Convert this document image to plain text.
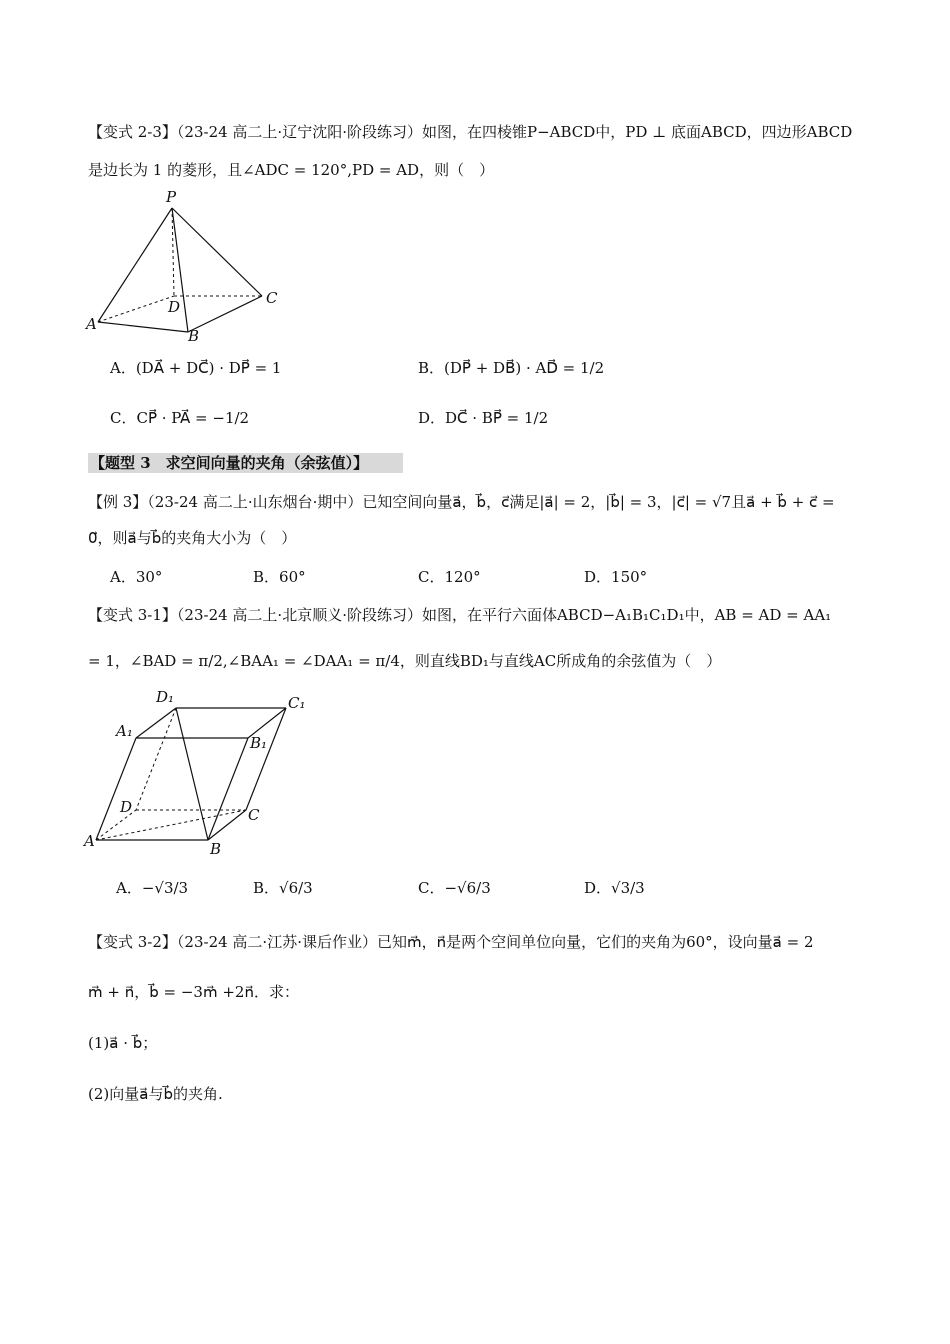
【变式 2-3】（23-24 高二上·辽宁沈阳·阶段练习）如图，在四棱锥P−ABCD中，PD ⊥ 底面ABCD，四边形ABCD
是边长为 1 的菱形，且∠ADC = 120°,PD = AD，则（　）
P
D	C
A
B
A．(DA⃗ + DC⃗) · DP⃗ = 1	B．(DP⃗ + DB⃗) · AD⃗ = 1/2
C．CP⃗ · PA⃗ = −1/2	D．DC⃗ · BP⃗ = 1/2
【题型 3　求空间向量的夹角（余弦值）】
【例 3】（23-24 高二上·山东烟台·期中）已知空间向量a⃗，b⃗，c⃗满足|a⃗| = 2，|b⃗| = 3，|c⃗| = √7且a⃗ + b⃗ + c⃗ =
0⃗，则a⃗与b⃗的夹角大小为（　）
A．30°	B．60°	C．120°	D．150°
【变式 3-1】（23-24 高二上·北京顺义·阶段练习）如图，在平行六面体ABCD−A₁B₁C₁D₁中，AB = AD = AA₁
= 1，∠BAD = π/2,∠BAA₁ = ∠DAA₁ = π/4，则直线BD₁与直线AC所成角的余弦值为（　）
D₁	C₁
A₁
B₁
D	C
A	B
A．−√3/3	B．√6/3	C．−√6/3	D．√3/3
【变式 3-2】（23-24 高二·江苏·课后作业）已知m⃗，n⃗是两个空间单位向量，它们的夹角为60°，设向量a⃗ = 2
m⃗ + n⃗，b⃗ = −3m⃗ +2n⃗．求：
(1)a⃗ · b⃗；
(2)向量a⃗与b⃗的夹角.
